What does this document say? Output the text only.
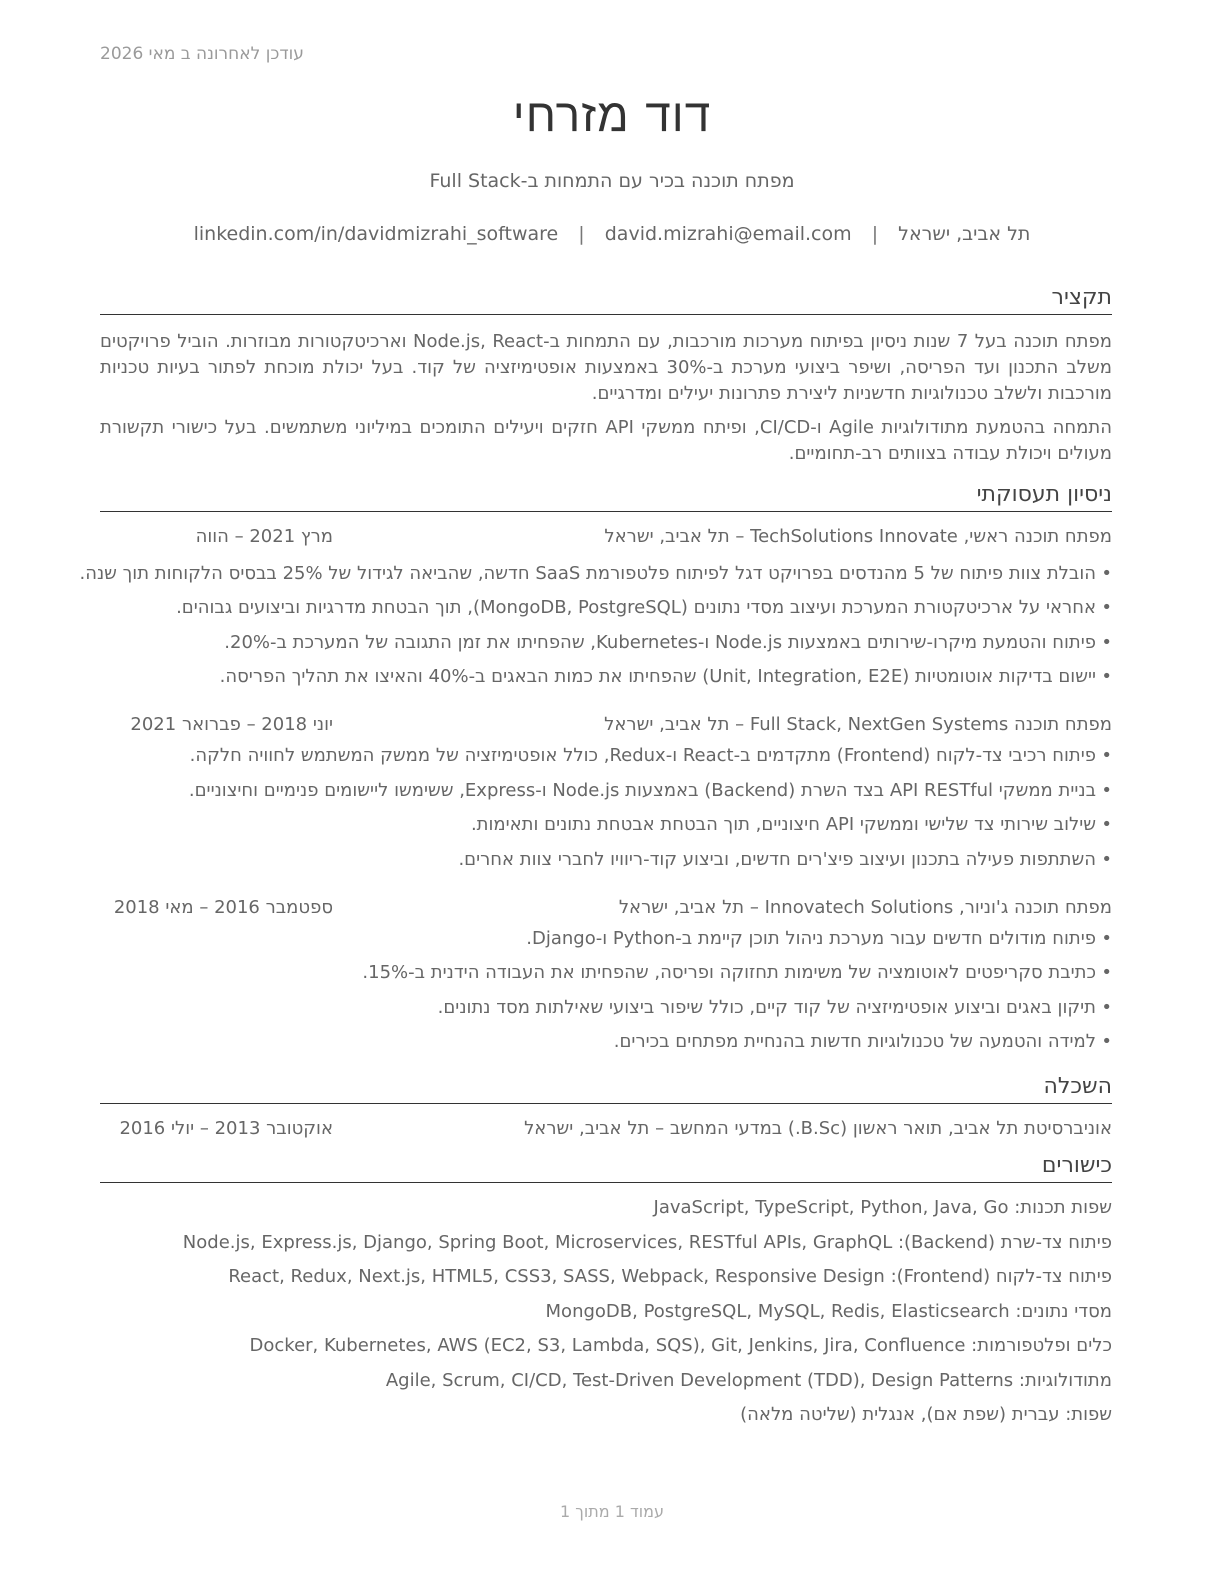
עודכן לאחרונה ב מאי 2026
דוד מזרחי
מפתח תוכנה בכיר עם התמחות ב-Full Stack
תל אביב, ישראל | david.mizrahi@email.com | linkedin.com/in/davidmizrahi_software
תקציר

מפתח תוכנה בעל 7 שנות ניסיון בפיתוח מערכות מורכבות, עם התמחות ב-Node.js, React וארכיטקטורות מבוזרות. הוביל פרויקטים משלב התכנון ועד הפריסה, ושיפר ביצועי מערכת ב-30% באמצעות אופטימיזציה של קוד. בעל יכולת מוכחת לפתור בעיות טכניות מורכבות ולשלב טכנולוגיות חדשניות ליצירת פתרונות יעילים ומדרגיים.

התמחה בהטמעת מתודולוגיות Agile ו-CI/CD, ופיתח ממשקי API חזקים ויעילים התומכים במיליוני משתמשים. בעל כישורי תקשורת מעולים ויכולת עבודה בצוותים רב-תחומיים.

ניסיון תעסוקתי
מפתח תוכנה ראשי, TechSolutions Innovate – תל אביב, ישראל
מרץ 2021 – הווה
•
הובלת צוות פיתוח של 5 מהנדסים בפרויקט דגל לפיתוח פלטפורמת SaaS חדשה, שהביאה לגידול של 25% בבסיס הלקוחות תוך שנה.
•
אחראי על ארכיטקטורת המערכת ועיצוב מסדי נתונים (MongoDB, PostgreSQL), תוך הבטחת מדרגיות וביצועים גבוהים.
•
פיתוח והטמעת מיקרו-שירותים באמצעות Node.js ו-Kubernetes, שהפחיתו את זמן התגובה של המערכת ב-20%.
•
יישום בדיקות אוטומטיות (Unit, Integration, E2E) שהפחיתו את כמות הבאגים ב-40% והאיצו את תהליך הפריסה.
מפתח תוכנה Full Stack, NextGen Systems – תל אביב, ישראל
יוני 2018 – פברואר 2021
•
פיתוח רכיבי צד-לקוח (Frontend) מתקדמים ב-React ו-Redux, כולל אופטימיזציה של ממשק המשתמש לחוויה חלקה.
•
בניית ממשקי API RESTful בצד השרת (Backend) באמצעות Node.js ו-Express, ששימשו ליישומים פנימיים וחיצוניים.
•
שילוב שירותי צד שלישי וממשקי API חיצוניים, תוך הבטחת אבטחת נתונים ותאימות.
•
השתתפות פעילה בתכנון ועיצוב פיצ'רים חדשים, וביצוע קוד-ריוויו לחברי צוות אחרים.
מפתח תוכנה ג'וניור, Innovatech Solutions – תל אביב, ישראל
ספטמבר 2016 – מאי 2018
•
פיתוח מודולים חדשים עבור מערכת ניהול תוכן קיימת ב-Python ו-Django.
•
כתיבת סקריפטים לאוטומציה של משימות תחזוקה ופריסה, שהפחיתו את העבודה הידנית ב-15%.
•
תיקון באגים וביצוע אופטימיזציה של קוד קיים, כולל שיפור ביצועי שאילתות מסד נתונים.
•
למידה והטמעה של טכנולוגיות חדשות בהנחיית מפתחים בכירים.
השכלה
אוניברסיטת תל אביב, תואר ראשון (B.Sc.) במדעי המחשב – תל אביב, ישראל
אוקטובר 2013 – יולי 2016
כישורים
שפות תכנות: JavaScript, TypeScript, Python, Java, Go
פיתוח צד-שרת (Backend): Node.js, Express.js, Django, Spring Boot, Microservices, RESTful APIs, GraphQL
פיתוח צד-לקוח (Frontend): React, Redux, Next.js, HTML5, CSS3, SASS, Webpack, Responsive Design
מסדי נתונים: MongoDB, PostgreSQL, MySQL, Redis, Elasticsearch
כלים ופלטפורמות: Docker, Kubernetes, AWS (EC2, S3, Lambda, SQS), Git, Jenkins, Jira, Confluence
מתודולוגיות: Agile, Scrum, CI/CD, Test-Driven Development (TDD), Design Patterns
שפות: עברית (שפת אם), אנגלית (שליטה מלאה)
עמוד 1 מתוך 1
